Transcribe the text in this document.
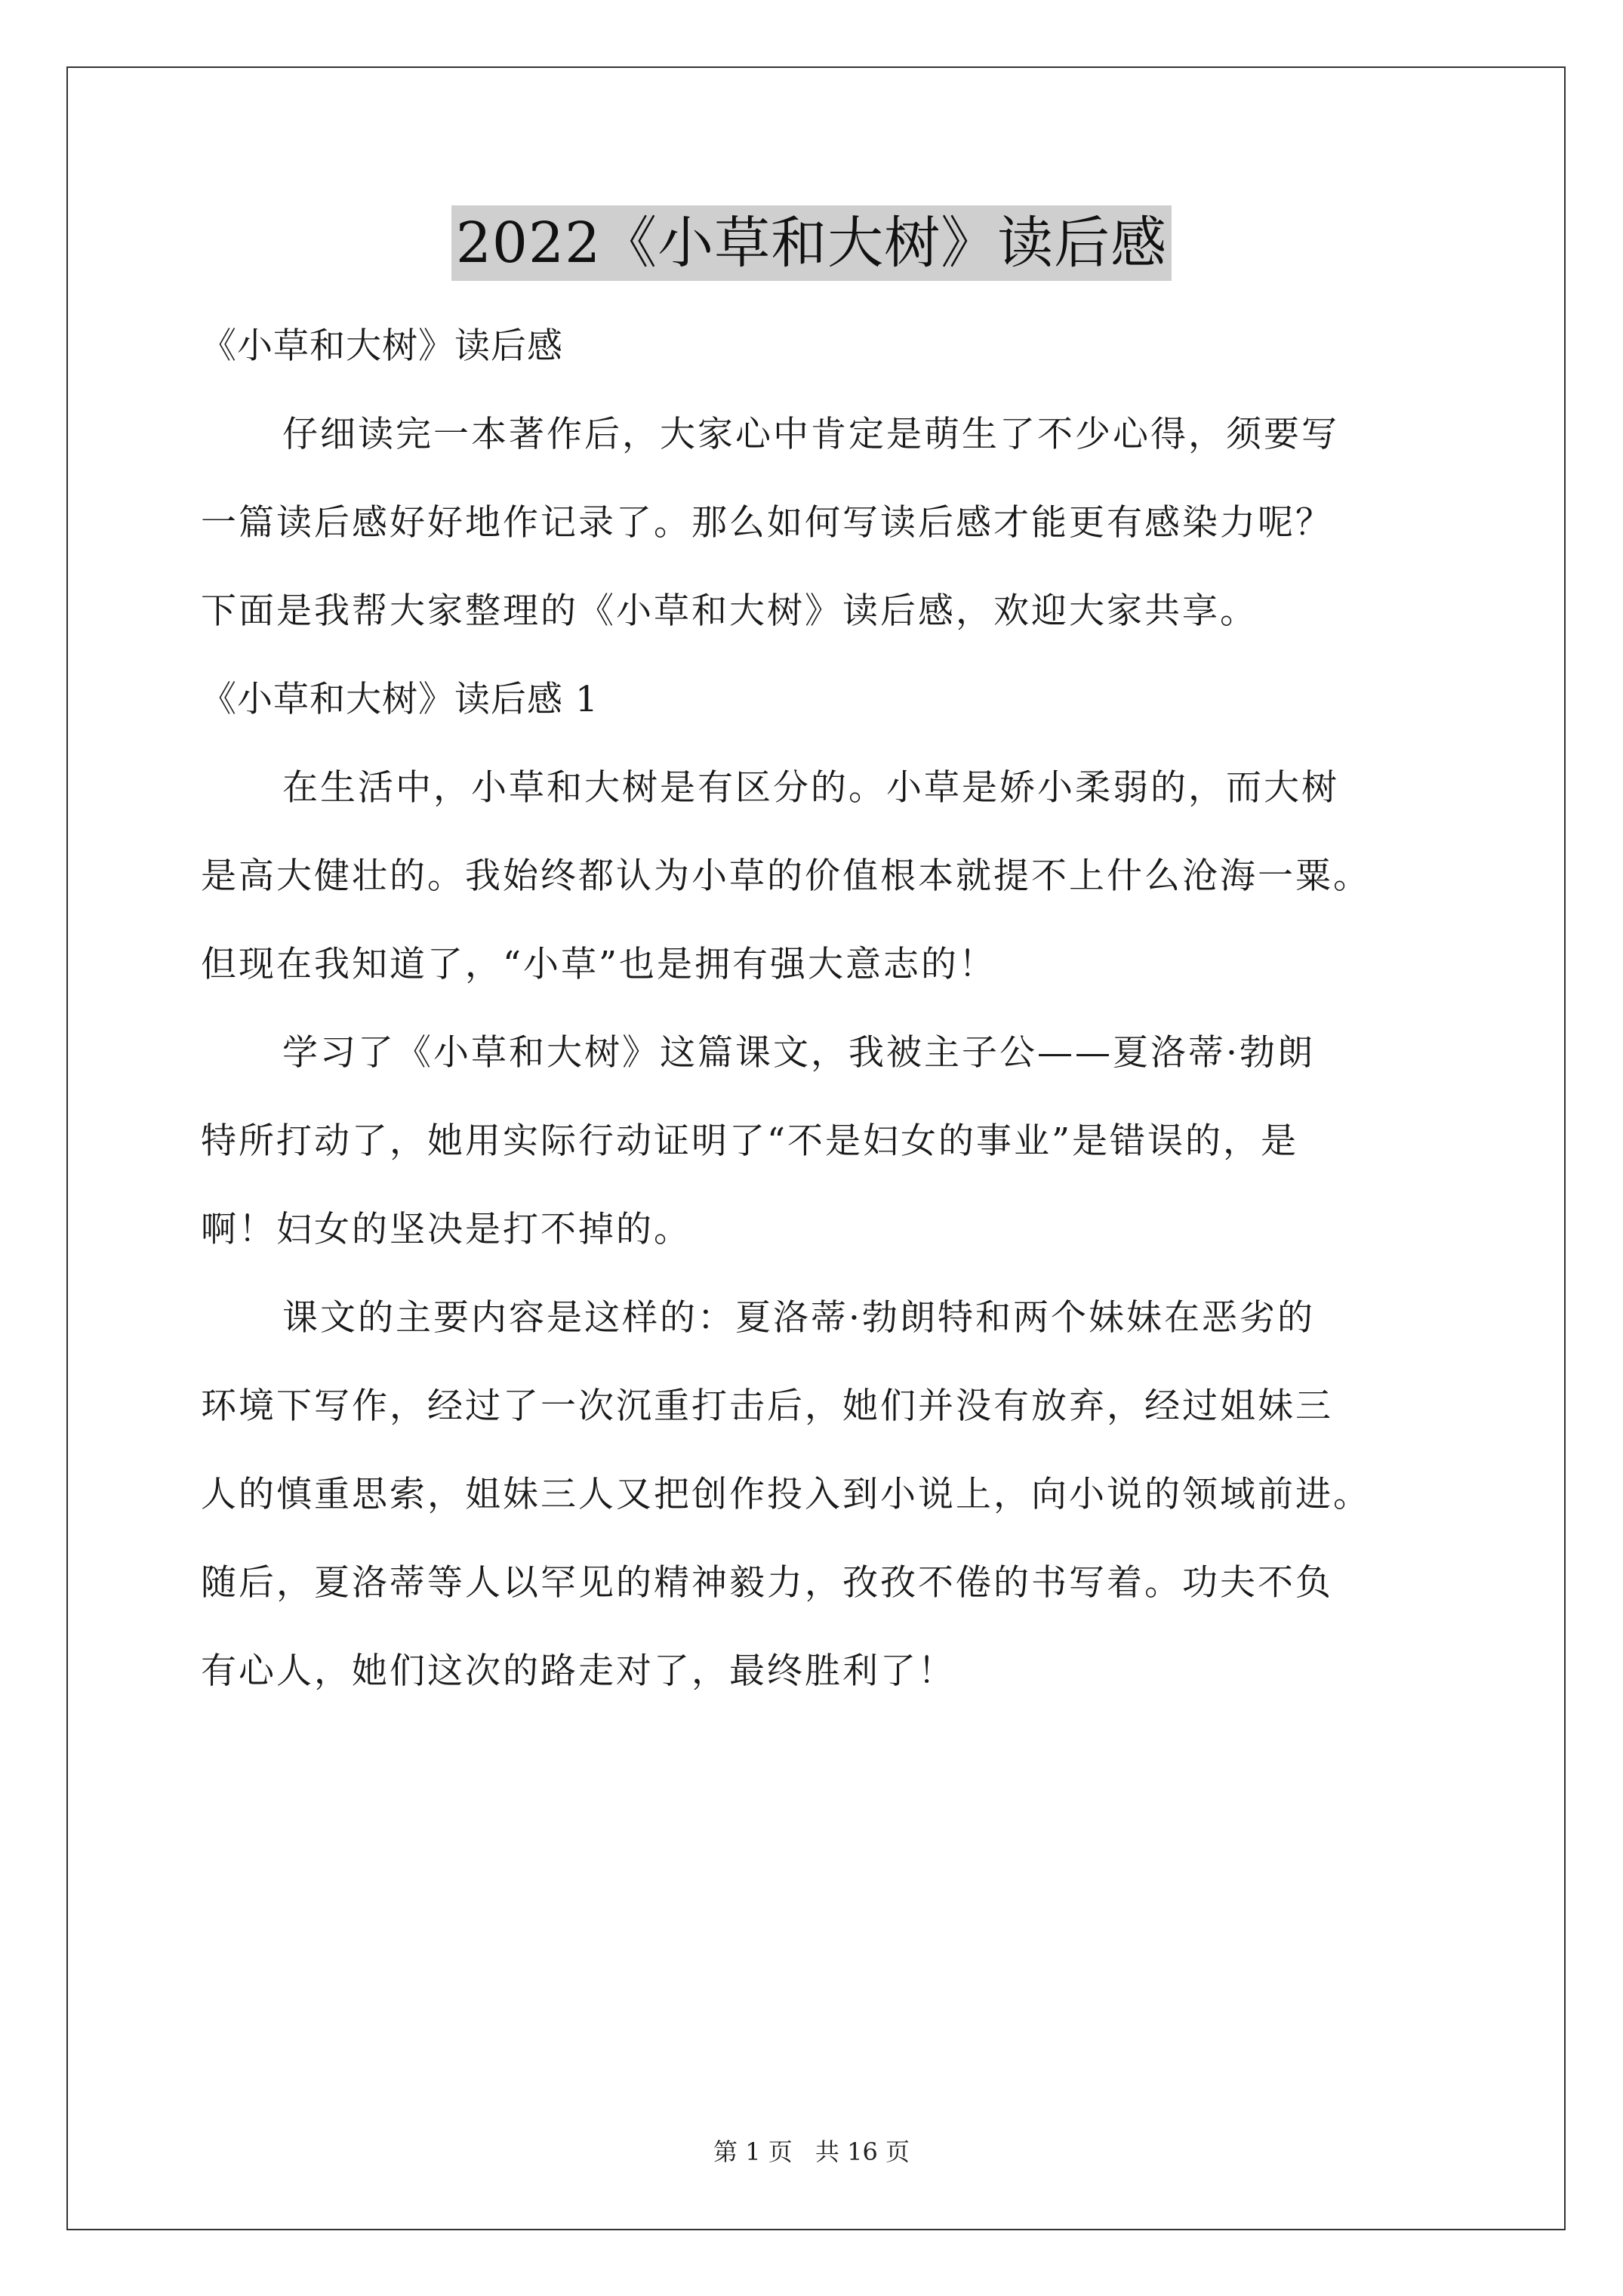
2022《小草和大树》读后感
《小草和大树》读后感
仔细读完一本著作后，大家心中肯定是萌生了不少心得，须要写
一篇读后感好好地作记录了。那么如何写读后感才能更有感染力呢？
下面是我帮大家整理的《小草和大树》读后感，欢迎大家共享。
《小草和大树》读后感 1
在生活中，小草和大树是有区分的。小草是娇小柔弱的，而大树
是高大健壮的。我始终都认为小草的价值根本就提不上什么沧海一粟。
但现在我知道了，“小草”也是拥有强大意志的！
学习了《小草和大树》这篇课文，我被主子公——夏洛蒂·勃朗
特所打动了，她用实际行动证明了“不是妇女的事业”是错误的，是
啊！妇女的坚决是打不掉的。
课文的主要内容是这样的：夏洛蒂·勃朗特和两个妹妹在恶劣的
环境下写作，经过了一次沉重打击后，她们并没有放弃，经过姐妹三
人的慎重思索，姐妹三人又把创作投入到小说上，向小说的领域前进。
随后，夏洛蒂等人以罕见的精神毅力，孜孜不倦的书写着。功夫不负
有心人，她们这次的路走对了，最终胜利了！
第 1 页 共 16 页
